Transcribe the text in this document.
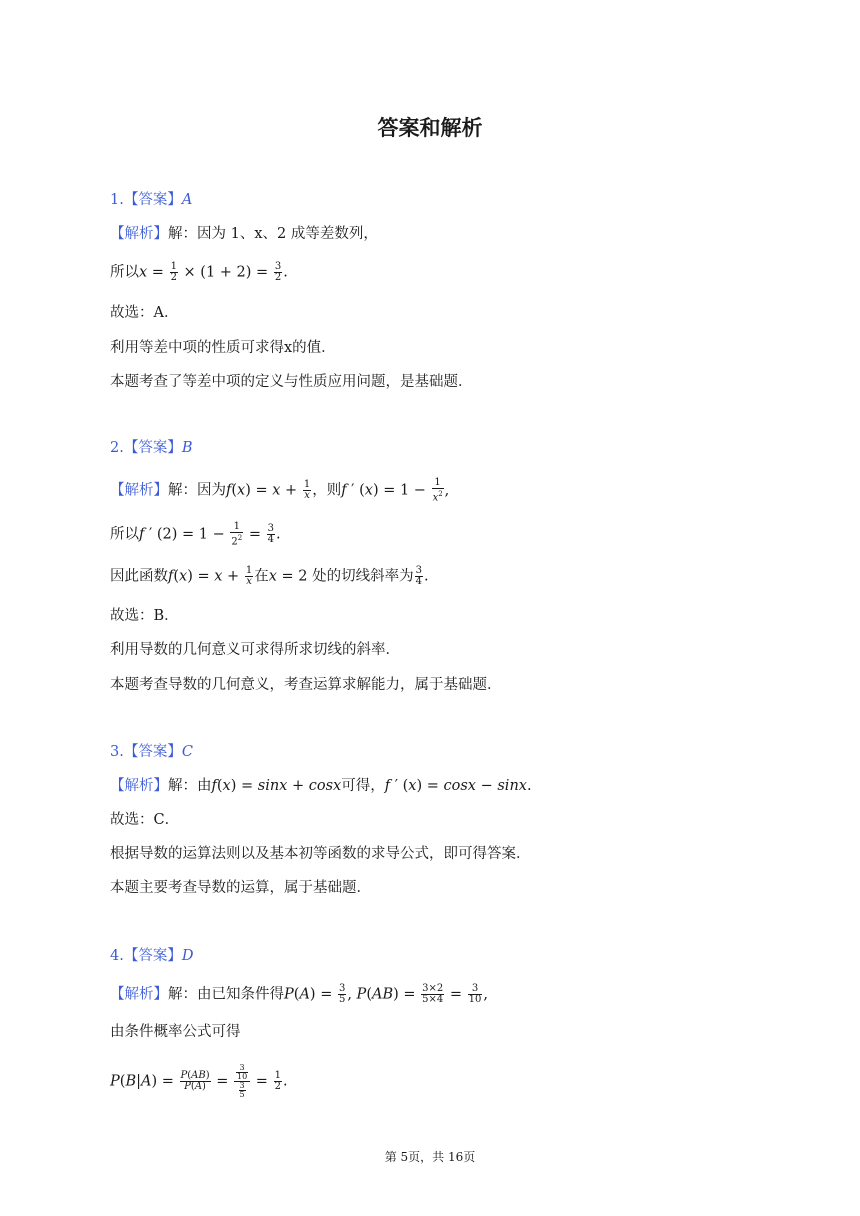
答案和解析
1.【答案】A
【解析】解：因为 1、x、2 成等差数列，
所以$x = \frac{1}{2} \times (1 + 2) = \frac{3}{2}$ .
故选：A．
利用等差中项的性质可求得x的值．
本题考查了等差中项的定义与性质应用问题，是基础题．
2.【答案】B
【解析】解：因为$f(x) = x + \frac{1}{x}$ ，则f ′ $(x) = 1 - \frac{1}{x^2}$ ,
所以f ′ $(2) = 1 - \frac{1}{2^2} = \frac{3}{4}$ .
因此函数$f(x) = x + \frac{1}{x}$ 在x = 2 处的切线斜率为 $\frac{3}{4}$ .
故选：B．
利用导数的几何意义可求得所求切线的斜率．
本题考查导数的几何意义，考查运算求解能力，属于基础题．
3.【答案】C
【解析】解：由f(x) = sinx + cosx可得，f ′ (x) = cosx − sinx.
故选：C．
根据导数的运算法则以及基本初等函数的求导公式，即可得答案．
本题主要考查导数的运算，属于基础题．
4.【答案】D
【解析】解：由已知条件得$P(A) = \frac{3}{5}$ , $P(AB) = \frac{3\times 2}{5\times 4} = \frac{3}{10}$ ,
由条件概率公式可得
$P(B|A) = \frac{P(AB)}{P(A)} = \frac{\frac{3}{10}}{\frac{3}{5}} = \frac{1}{2}$ .
第 5页，共 16页
